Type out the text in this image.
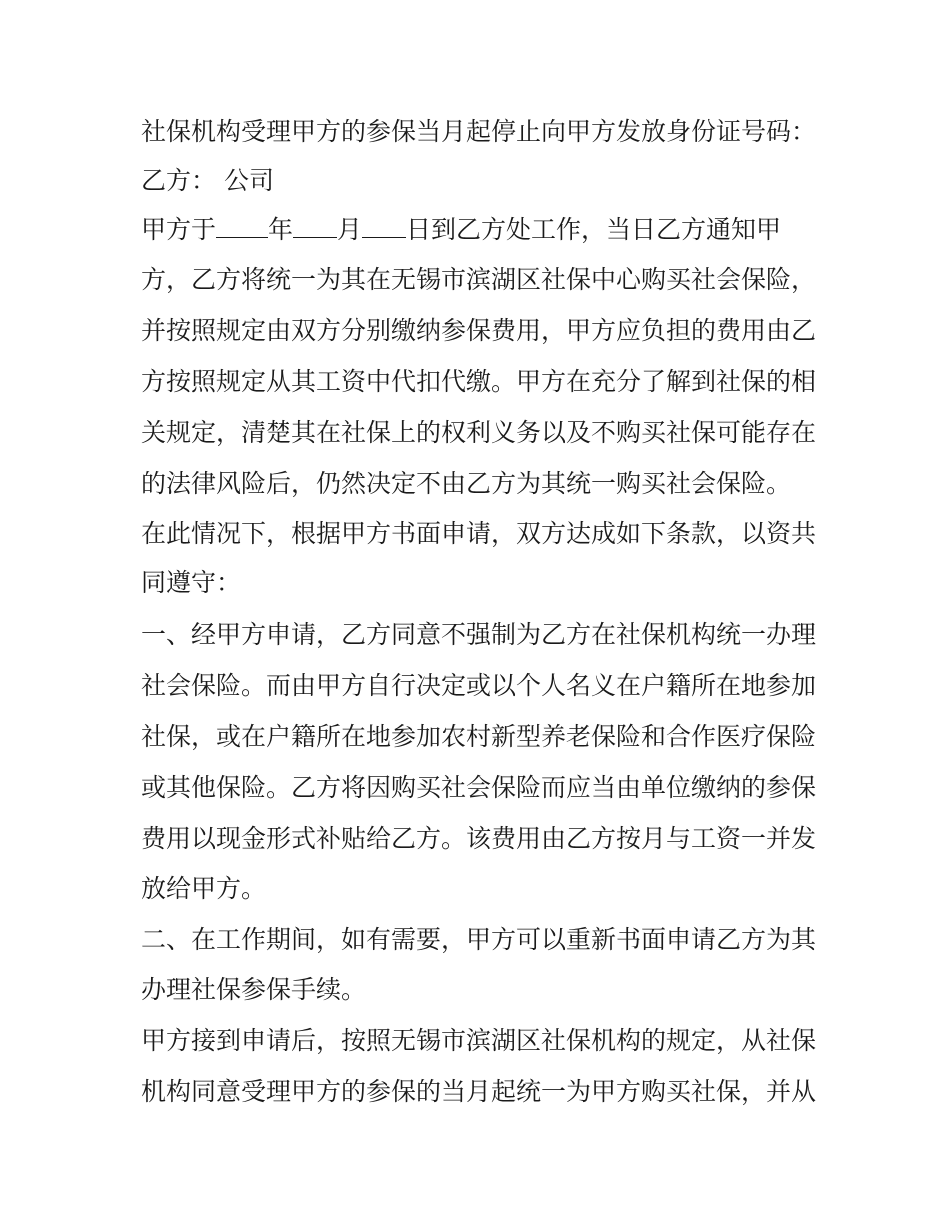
社保机构受理甲方的参保当月起停止向甲方发放身份证号码：
乙方： 公司
甲方于 年 月 日到乙方处工作，当日乙方通知甲
方，乙方将统一为其在无锡市滨湖区社保中心购买社会保险，
并按照规定由双方分别缴纳参保费用，甲方应负担的费用由乙
方按照规定从其工资中代扣代缴。甲方在充分了解到社保的相
关规定，清楚其在社保上的权利义务以及不购买社保可能存在
的法律风险后，仍然决定不由乙方为其统一购买社会保险。
在此情况下，根据甲方书面申请，双方达成如下条款，以资共
同遵守：
一、经甲方申请，乙方同意不强制为乙方在社保机构统一办理
社会保险。而由甲方自行决定或以个人名义在户籍所在地参加
社保，或在户籍所在地参加农村新型养老保险和合作医疗保险
或其他保险。乙方将因购买社会保险而应当由单位缴纳的参保
费用以现金形式补贴给乙方。该费用由乙方按月与工资一并发
放给甲方。
二、在工作期间，如有需要，甲方可以重新书面申请乙方为其
办理社保参保手续。
甲方接到申请后，按照无锡市滨湖区社保机构的规定，从社保
机构同意受理甲方的参保的当月起统一为甲方购买社保，并从
